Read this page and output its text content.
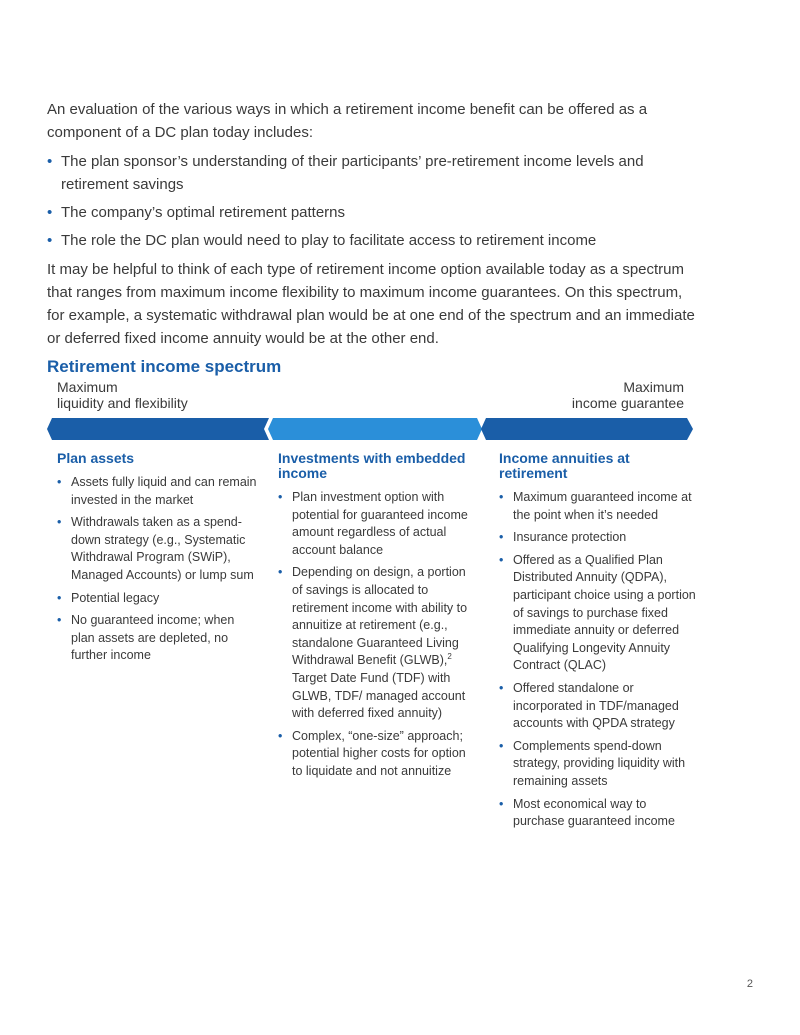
An evaluation of the various ways in which a retirement income benefit can be offered as a component of a DC plan today includes:

• The plan sponsor’s understanding of their participants’ pre-retirement income levels and retirement savings
• The company’s optimal retirement patterns
• The role the DC plan would need to play to facilitate access to retirement income

It may be helpful to think of each type of retirement income option available today as a spectrum that ranges from maximum income flexibility to maximum income guarantees. On this spectrum, for example, a systematic withdrawal plan would be at one end of the spectrum and an immediate or deferred fixed income annuity would be at the other end.

Retirement income spectrum
Maximum
liquidity and flexibility
Maximum
income guarantee
Plan assets
• Assets fully liquid and can remain invested in the market
• Withdrawals taken as a spend-down strategy (e.g., Systematic Withdrawal Program (SWiP), Managed Accounts) or lump sum
• Potential legacy
• No guaranteed income; when plan assets are depleted, no further income
Investments with embedded income
• Plan investment option with potential for guaranteed income amount regardless of actual account balance
• Depending on design, a portion of savings is allocated to retirement income with ability to annuitize at retirement (e.g., standalone Guaranteed Living Withdrawal Benefit (GLWB),$^2$ Target Date Fund (TDF) with GLWB, TDF/ managed account with deferred fixed annuity)
• Complex, “one-size” approach; potential higher costs for option to liquidate and not annuitize
Income annuities at retirement
• Maximum guaranteed income at the point when it’s needed
• Insurance protection
• Offered as a Qualified Plan Distributed Annuity (QDPA), participant choice using a portion of savings to purchase fixed immediate annuity or deferred Qualifying Longevity Annuity Contract (QLAC)
• Offered standalone or incorporated in TDF/managed accounts with QPDA strategy
• Complements spend-down strategy, providing liquidity with remaining assets
• Most economical way to purchase guaranteed income
2
